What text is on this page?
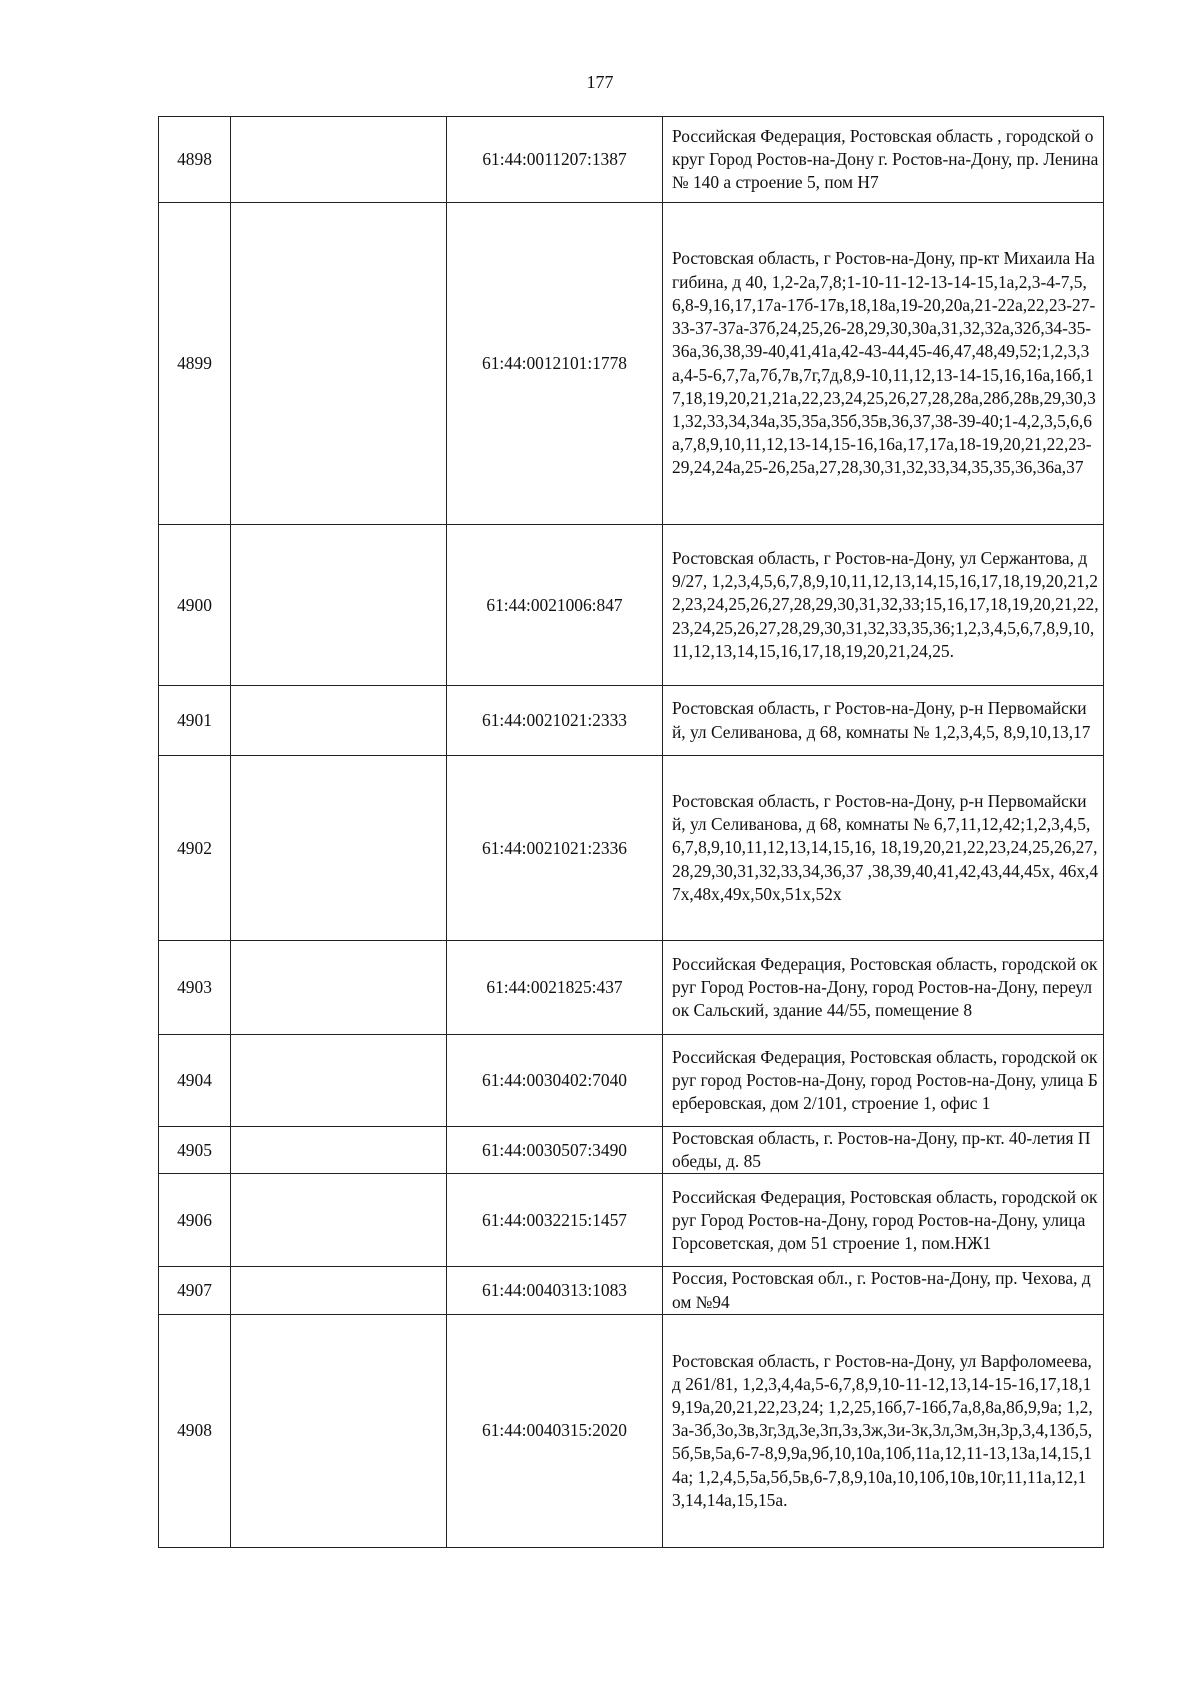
177
4898		61:44:0011207:1387	Российская Федерация, Ростовская область , городской округ Город Ростов-на-Дону г. Ростов-на-Дону, пр. Ленина № 140 а строение 5, пом Н7
4899		61:44:0012101:1778	Ростовская область, г Ростов-на-Дону, пр-кт Михаила Нагибина, д 40, 1,2-2а,7,8;1-10-11-12-13-14-15,1а,2,3-4-7,5,6,8-9,16,17,17а-17б-17в,18,18а,19-20,20а,21-22а,22,23-27-33-37-37а-37б,24,25,26-28,29,30,30а,31,32,32а,32б,34-35-36а,36,38,39-40,41,41а,42-43-44,45-46,47,48,49,52;1,2,3,3а,4-5-6,7,7а,7б,7в,7г,7д,8,9-10,11,12,13-14-15,16,16а,16б,17,18,19,20,21,21а,22,23,24,25,26,27,28,28а,28б,28в,29,30,31,32,33,34,34а,35,35а,35б,35в,36,37,38-39-40;1-4,2,3,5,6,6а,7,8,9,10,11,12,13-14,15-16,16а,17,17а,18-19,20,21,22,23-29,24,24а,25-26,25а,27,28,30,31,32,33,34,35,35,36,36а,37
4900		61:44:0021006:847	Ростовская область, г Ростов-на-Дону, ул Сержантова, д 9/27, 1,2,3,4,5,6,7,8,9,10,11,12,13,14,15,16,17,18,19,20,21,22,23,24,25,26,27,28,29,30,31,32,33;15,16,17,18,19,20,21,22,23,24,25,26,27,28,29,30,31,32,33,35,36;1,2,3,4,5,6,7,8,9,10,11,12,13,14,15,16,17,18,19,20,21,24,25.
4901		61:44:0021021:2333	Ростовская область, г Ростов-на-Дону, р-н Первомайский, ул Селиванова, д 68, комнаты № 1,2,3,4,5, 8,9,10,13,17
4902		61:44:0021021:2336	Ростовская область, г Ростов-на-Дону, р-н Первомайский, ул Селиванова, д 68, комнаты № 6,7,11,12,42;1,2,3,4,5, 6,7,8,9,10,11,12,13,14,15,16, 18,19,20,21,22,23,24,25,26,27, 28,29,30,31,32,33,34,36,37 ,38,39,40,41,42,43,44,45х, 46х,47х,48х,49х,50х,51х,52х
4903		61:44:0021825:437	Российская Федерация, Ростовская область, городской округ Город Ростов-на-Дону, город Ростов-на-Дону, переулок Сальский, здание 44/55, помещение 8
4904		61:44:0030402:7040	Российская Федерация, Ростовская область, городской округ город Ростов-на-Дону, город Ростов-на-Дону, улица Берберовская, дом 2/101, строение 1, офис 1
4905		61:44:0030507:3490	Ростовская область, г. Ростов-на-Дону, пр-кт. 40-летия Победы, д. 85
4906		61:44:0032215:1457	Российская Федерация, Ростовская область, городской округ Город Ростов-на-Дону, город Ростов-на-Дону, улица Горсоветская, дом 51 строение 1, пом.НЖ1
4907		61:44:0040313:1083	Россия, Ростовская обл., г. Ростов-на-Дону, пр. Чехова, дом №94
4908		61:44:0040315:2020	Ростовская область, г Ростов-на-Дону, ул Варфоломеева, д 261/81, 1,2,3,4,4а,5-6,7,8,9,10-11-12,13,14-15-16,17,18,19,19а,20,21,22,23,24; 1,2,25,16б,7-16б,7а,8,8а,8б,9,9а; 1,2,3а-3б,3о,3в,3г,3д,3е,3п,3з,3ж,3и-3к,3л,3м,3н,3р,3,4,13б,5,5б,5в,5а,6-7-8,9,9а,9б,10,10а,10б,11а,12,11-13,13а,14,15,14а; 1,2,4,5,5а,5б,5в,6-7,8,9,10а,10,10б,10в,10г,11,11а,12,13,14,14а,15,15а.
